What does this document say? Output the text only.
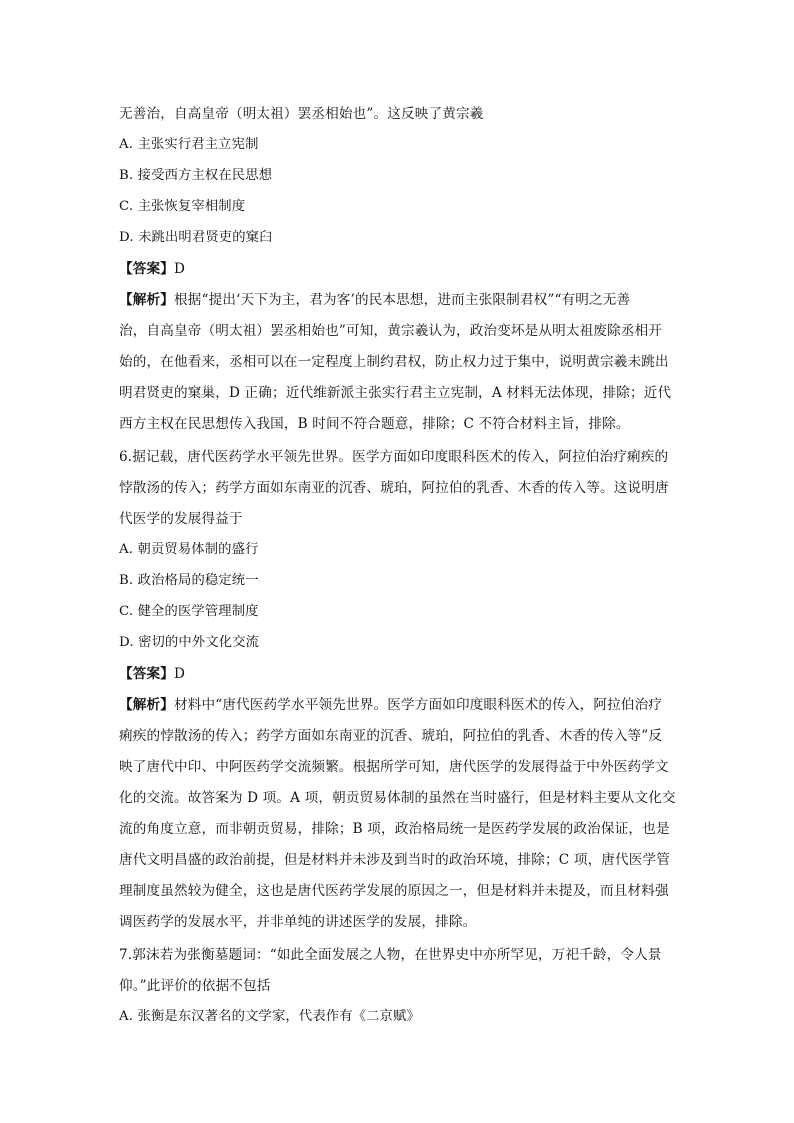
无善治，自高皇帝（明太祖）罢丞相始也”。这反映了黄宗羲
A. 主张实行君主立宪制
B. 接受西方主权在民思想
C. 主张恢复宰相制度
D. 未跳出明君贤吏的窠臼
【答案】D
【解析】根据“提出‘天下为主，君为客’的民本思想，进而主张限制君权”“有明之无善
治，自高皇帝（明太祖）罢丞相始也”可知，黄宗羲认为，政治变坏是从明太祖废除丞相开
始的，在他看来，丞相可以在一定程度上制约君权，防止权力过于集中，说明黄宗羲未跳出
明君贤吏的窠巢，D 正确；近代维新派主张实行君主立宪制，A 材料无法体现，排除；近代
西方主权在民思想传入我国，B 时间不符合题意，排除；C 不符合材料主旨，排除。
6.据记载，唐代医药学水平领先世界。医学方面如印度眼科医术的传入，阿拉伯治疗痢疾的
悖散汤的传入；药学方面如东南亚的沉香、琥珀，阿拉伯的乳香、木香的传入等。这说明唐
代医学的发展得益于
A. 朝贡贸易体制的盛行
B. 政治格局的稳定统一
C. 健全的医学管理制度
D. 密切的中外文化交流
【答案】D
【解析】材料中“唐代医药学水平领先世界。医学方面如印度眼科医术的传入，阿拉伯治疗
痢疾的悖散汤的传入；药学方面如东南亚的沉香、琥珀，阿拉伯的乳香、木香的传入等”反
映了唐代中印、中阿医药学交流频繁。根据所学可知，唐代医学的发展得益于中外医药学文
化的交流。故答案为 D 项。A 项，朝贡贸易体制的虽然在当时盛行，但是材料主要从文化交
流的角度立意，而非朝贡贸易，排除；B 项，政治格局统一是医药学发展的政治保证，也是
唐代文明昌盛的政治前提，但是材料并未涉及到当时的政治环境，排除；C 项，唐代医学管
理制度虽然较为健全，这也是唐代医药学发展的原因之一，但是材料并未提及，而且材料强
调医药学的发展水平，并非单纯的讲述医学的发展，排除。
7.郭沫若为张衡墓题词：“如此全面发展之人物，在世界史中亦所罕见，万祀千龄，令人景
仰。”此评价的依据不包括
A. 张衡是东汉著名的文学家，代表作有《二京赋》
